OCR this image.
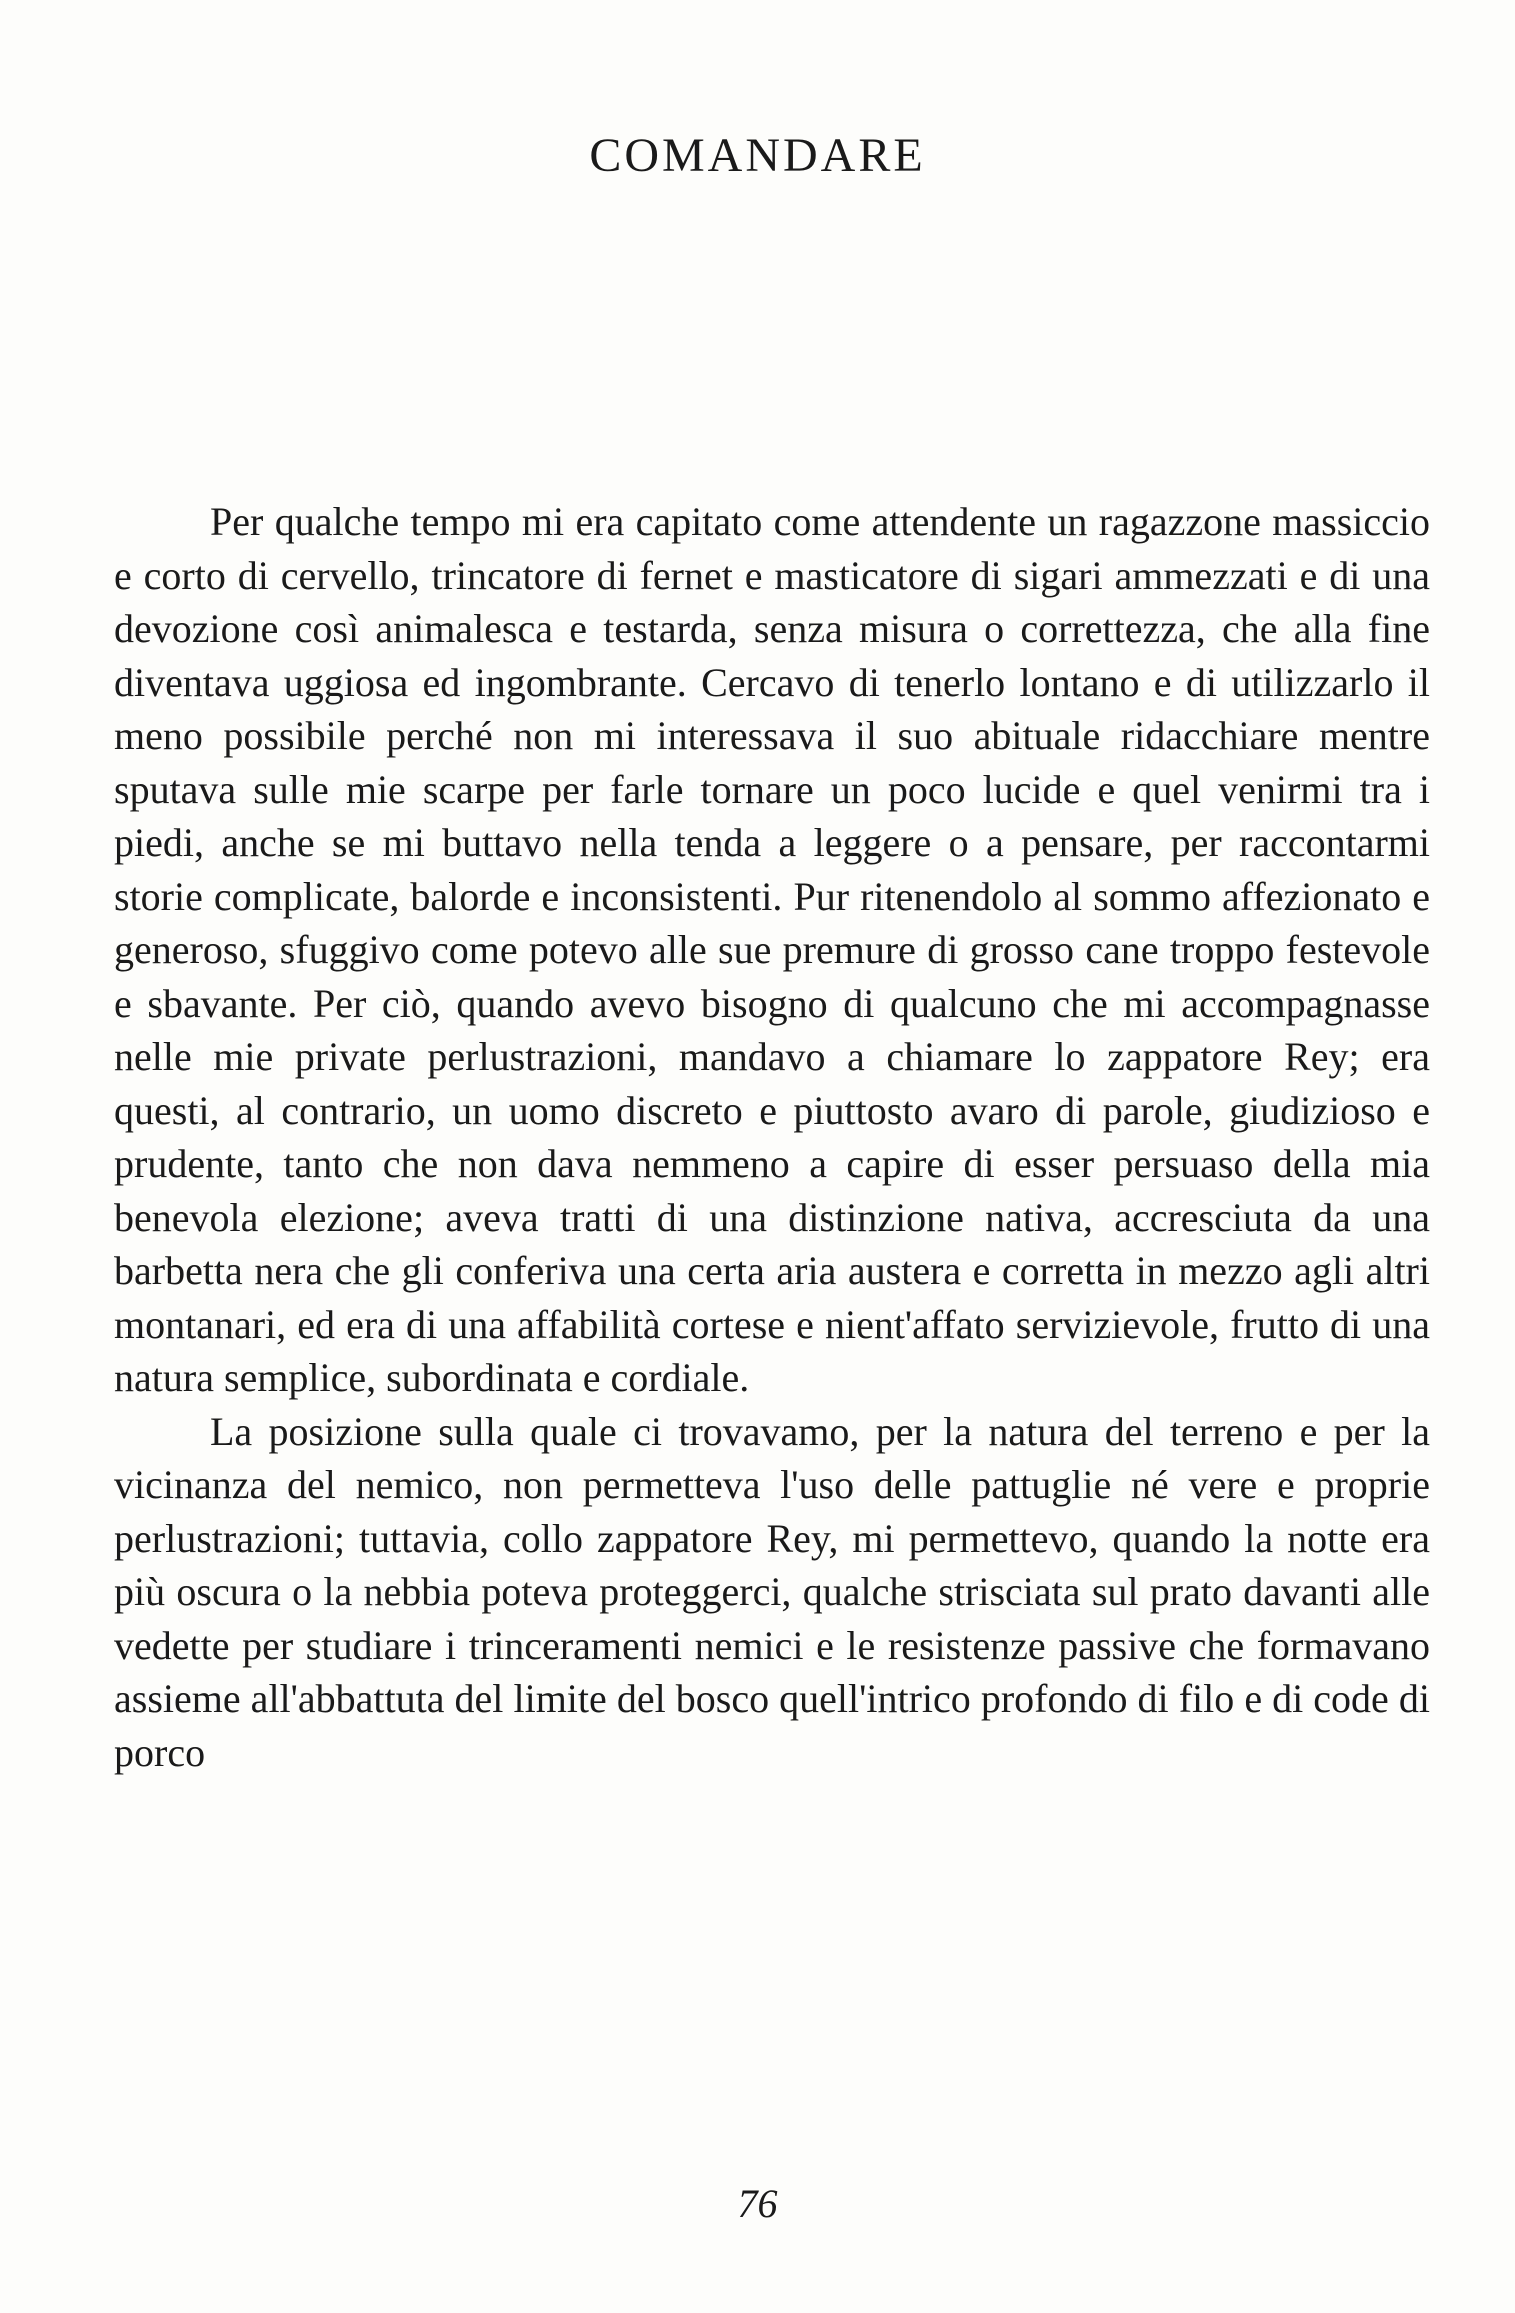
COMANDARE

Per qualche tempo mi era capitato come attendente un ragazzone massiccio e corto di cervello, trincatore di fernet e masticatore di sigari ammezzati e di una devozione così animalesca e testarda, senza misura o correttezza, che alla fine diventava uggiosa ed ingombrante. Cercavo di tenerlo lontano e di utilizzarlo il meno possibile perché non mi interessava il suo abituale ridacchiare mentre sputava sulle mie scarpe per farle tornare un poco lucide e quel venirmi tra i piedi, anche se mi buttavo nella tenda a leggere o a pensare, per raccontarmi storie complicate, balorde e inconsistenti. Pur ritenendolo al sommo affezionato e generoso, sfuggivo come potevo alle sue premure di grosso cane troppo festevole e sbavante. Per ciò, quando avevo bisogno di qualcuno che mi accompagnasse nelle mie private perlustrazioni, mandavo a chiamare lo zappatore Rey; era questi, al contrario, un uomo discreto e piuttosto avaro di parole, giudizioso e prudente, tanto che non dava nemmeno a capire di esser persuaso della mia benevola elezione; aveva tratti di una distinzione nativa, accresciuta da una barbetta nera che gli conferiva una certa aria austera e corretta in mezzo agli altri montanari, ed era di una affabilità cortese e nient'affato servizievole, frutto di una natura semplice, subordinata e cordiale.

La posizione sulla quale ci trovavamo, per la natura del terreno e per la vicinanza del nemico, non permetteva l'uso delle pattuglie né vere e proprie perlustrazioni; tuttavia, collo zappatore Rey, mi permettevo, quando la notte era più oscura o la nebbia poteva proteggerci, qualche strisciata sul prato davanti alle vedette per studiare i trinceramenti nemici e le resistenze passive che formavano assieme all'abbattuta del limite del bosco quell'intrico profondo di filo e di code di porco

76
